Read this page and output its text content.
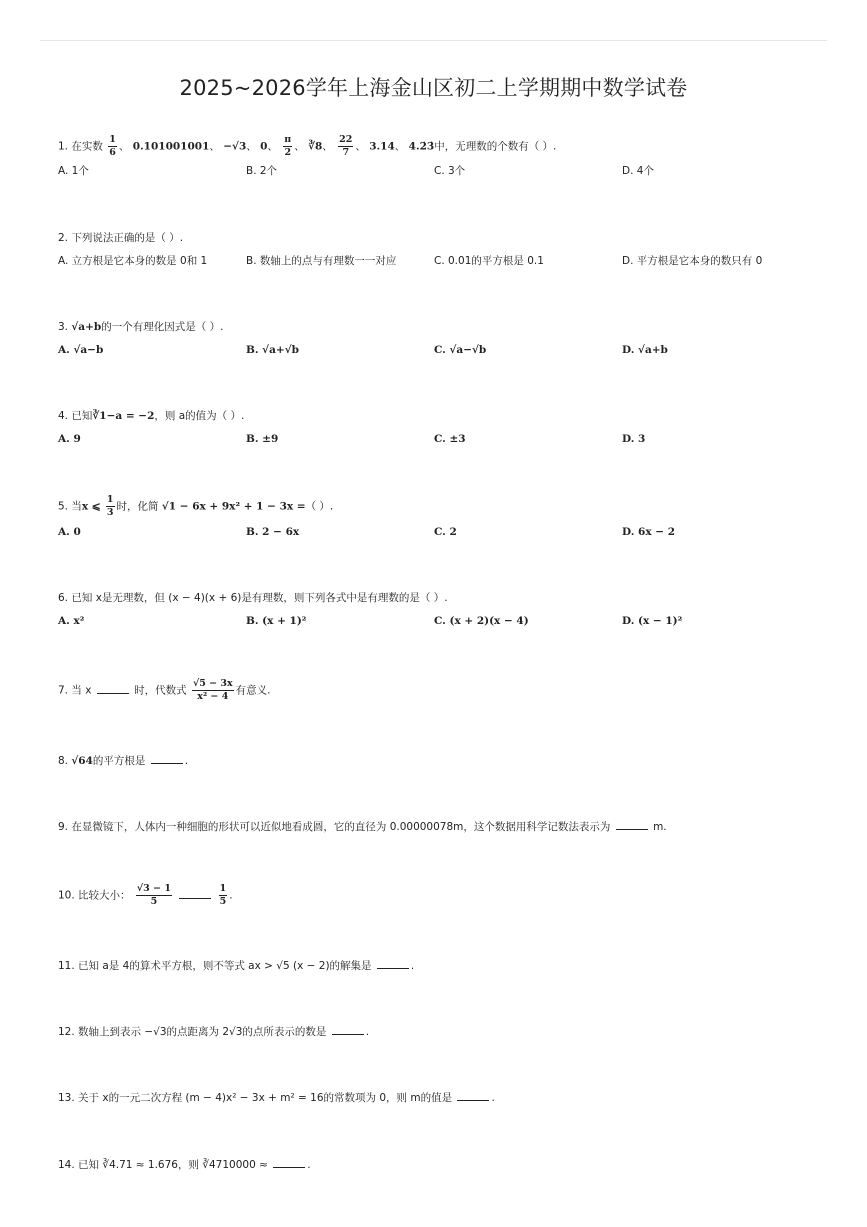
2025~2026学年上海金山区初二上学期期中数学试卷
1. 在实数 $\frac{1}{6}$ 、 0.101001001、 −√3、 0、 $\frac{\pi}{2}$ 、 ∛8、 $\frac{22}{7}$ 、 3.14、 4.2̇3̇中，无理数的个数有（ ）.
A. 1个	B. 2个	C. 3个	D. 4个
2. 下列说法正确的是（ ）.
A. 立方根是它本身的数是 0和 1	B. 数轴上的点与有理数一一对应	C. 0.01的平方根是 0.1	D. 平方根是它本身的数只有 0
3. √a+b的一个有理化因式是（ ）.
A. √a−b	B. √a+√b	C. √a−√b	D. √a+b
4. 已知∛1−a = −2，则 a的值为（ ）.
A. 9	B. ±9	C. ±3	D. 3
5. 当x ⩽ $\frac{1}{3}$ 时，化简 √1 − 6x + 9x² + 1 − 3x =（ ）.
A. 0	B. 2 − 6x	C. 2	D. 6x − 2
6. 已知 x是无理数，但 (x − 4)(x + 6)是有理数，则下列各式中是有理数的是（ ）.
A. x²	B. (x + 1)²	C. (x + 2)(x − 4)	D. (x − 1)²
7. 当 x	时，代数式 $\frac{√5 - 3x}{\text{x² − 4}}$ 有意义.
8. √64的平方根是	.
9. 在显微镜下，人体内一种细胞的形状可以近似地看成圆，它的直径为 0.00000078m，这个数据用科学记数法表示为	m.
10. 比较大小： $\frac{√3 - 1}{5}$
	$\frac{1}{5}$ .
11. 已知 a是 4的算术平方根，则不等式 ax > √5 (x − 2)的解集是	.
12. 数轴上到表示 −√3的点距离为 2√3的点所表示的数是	.
13. 关于 x的一元二次方程 (m − 4)x² − 3x + m² = 16的常数项为 0，则 m的值是	.
14. 已知 ∛4.71 ≈ 1.676，则 ∛4710000 ≈	.
